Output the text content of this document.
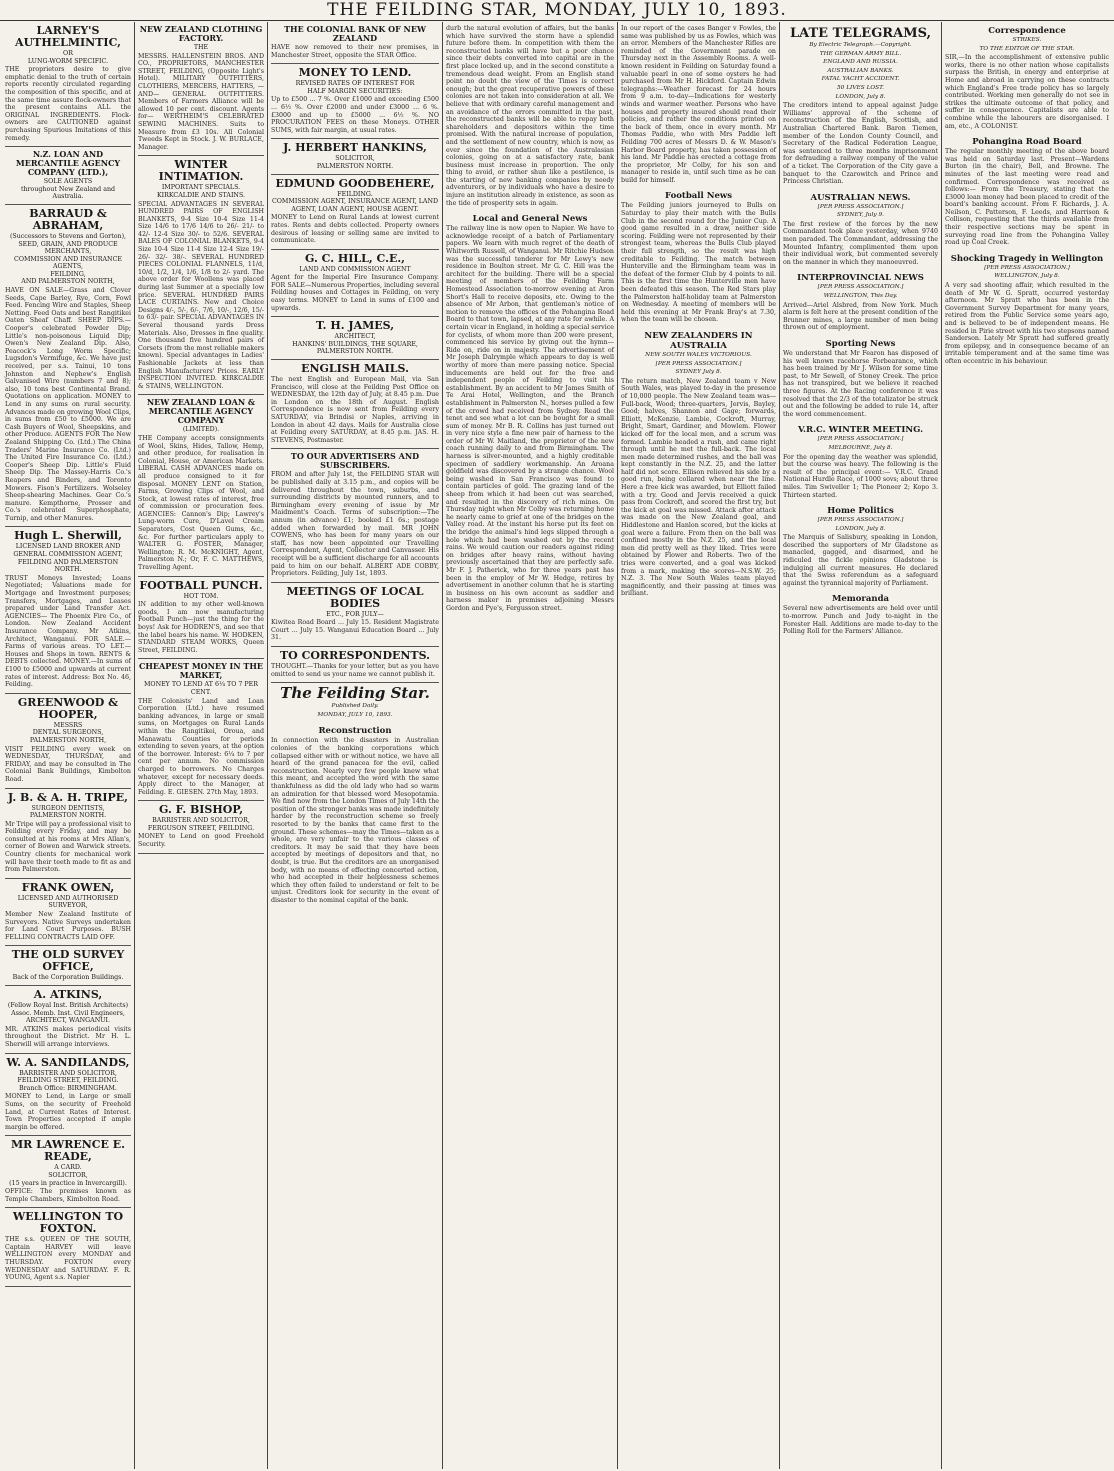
THE FEILDING STAR, MONDAY, JULY 10, 1893.
LARNEY'S AUTHELMINTIC,
OR
LUNG-WORM SPECIFIC.

THE proprietors desire to give emphatic denial to the truth of certain reports recently circulated regarding the composition of this specific, and at the same time assure flock-owners that the present contains ALL the ORIGINAL INGREDIENTS. Flock-owners are CAUTIONED against purchasing Spurious Imitations of this remedy.

N.Z. LOAN AND MERCANTILE AGENCY COMPANY (LTD.),
SOLE AGENTS
throughout New Zealand and Australia.
BARRAUD & ABRAHAM,
(Successors to Stevens and Gorton),
SEED, GRAIN, AND PRODUCE MERCHANTS,
COMMISSION AND INSURANCE AGENTS,
FEILDING,
AND PALMERSTON NORTH,

HAVE ON SALE—Grass and Clover Seeds, Cape Barley, Rye, Corn, Fowl Feed. Fencing Wire and Staples, Sheep Netting. Feed Oats and best Rangitikei Oaten Sheaf Chaff. SHEEP DIPS.—Cooper's celebrated Powder Dip; Little's non-poisonous Liquid Dip; Owen's New Zealand Dip. Also, Peacock's Long Worm Specific; Lugsdon's Vermifuge, &c. We have just received, per s.s. Tainui, 10 tons Johnston and Nephew's English Galvanised Wire (numbers 7 and 8); also, 10 tons best Continental Brand. Quotations on application. MONEY to Lend in any sums on rural security. Advances made on growing Wool Clips, in sums from £50 to £5000. We are Cash Buyers of Wool, Sheepskins, and other Produce. AGENTS FOR The New Zealand Shipping Co. (Ltd.) The China Traders' Marine Insurance Co. (Ltd.) The United Fire Insurance Co. (Ltd.) Cooper's Sheep Dip. Little's Fluid Sheep Dip. The Massey-Harris Co.'s Reapers and Binders, and Toronto Mowers. Fison's Fertilizers. Wolseley Sheep-shearing Machines. Gear Co.'s manure. Kempthorne, Prosser and Co.'s celebrated Superphosphate, Turnip, and other Manures.

Hugh L. Sherwill,
LICENSED LAND BROKER AND GENERAL COMMISSION AGENT,
FEILDING AND PALMERSTON NORTH.

TRUST Moneys Invested; Loans Negotiated; Valuations made for Mortgage and Investment purposes; Transfers, Mortgages, and Leases prepared under Land Transfer Act. AGENCIES— The Phoenix Fire Co., of London. New Zealand Accident Insurance Company. Mr Atkins, Architect, Wanganui. FOR SALE.—Farms of various areas. TO LET.—Houses and Shops in town. RENTS & DEBTS collected. MONEY.—In sums of £100 to £5000 and upwards at current rates of interest. Address: Box No. 46, Feilding.

GREENWOOD & HOOPER,
MESSRS
DENTAL SURGEONS,
PALMERSTON NORTH,

VISIT FEILDING every week on WEDNESDAY, THURSDAY, and FRIDAY, and may be consulted in The Colonial Bank Buildings, Kimbolton Road.

J. B. & A. H. TRIPE,
SURGEON DENTISTS,
PALMERSTON NORTH.

Mr Tripe will pay a professional visit to Feilding every Friday, and may be consulted at his rooms at Mrs Allan's, corner of Bowen and Warwick streets. Country clients for mechanical work will have their teeth made to fit as and from Palmerston.

FRANK OWEN,
LICENSED AND AUTHORISED SURVEYOR,

Member New Zealand Institute of Surveyors. Native Surveys undertaken for Land Court Purposes. BUSH FELLING CONTRACTS LAID OFF.

THE OLD SURVEY OFFICE,
Back of the Corporation Buildings.
A. ATKINS,
(Fellow Royal Inst. British Architects) Assoc. Memb. Inst. Civil Engineers,
ARCHITECT, WANGANUI.

MR. ATKINS makes periodical visits throughout the District. Mr H. L. Sherwill will arrange interviews.

W. A. SANDILANDS,
BARRISTER AND SOLICITOR,
FEILDING STREET, FEILDING.
Branch Office: BIRMINGHAM.

MONEY to Lend, in Large or small Sums, on the security of Freehold Land, at Current Rates of Interest. Town Properties accepted if ample margin be offered.

MR LAWRENCE E. READE,
A CARD.
SOLICITOR,
(15 years in practice in Invercargill).

OFFICE: The premises known as Temple Chambers, Kimbolton Road.

WELLINGTON TO FOXTON.

THE s.s. QUEEN OF THE SOUTH, Captain HARVEY will leave WELLINGTON every MONDAY and THURSDAY. FOXTON every WEDNESDAY and SATURDAY. F. R. YOUNG, Agent s.s. Napier

NEW ZEALAND CLOTHING FACTORY.
THE

MESSRS. HALLENSTEIN BROS. AND CO., PROPRIETORS, MANCHESTER STREET, FEILDING, (Opposite Light's Hotel). MILITARY OUTFITTERS, CLOTHIERS, MERCERS, HATTERS, —AND— GENERAL OUTFITTERS. Members of Farmers Alliance will be allowed 10 per cent. discount. Agents for— WERTHEIM'S CELEBRATED SEWING MACHINES. Suits to Measure from £3 10s. All Colonial Tweeds Kept in Stock. J. W. BURLACE, Manager.

WINTER INTIMATION.
IMPORTANT SPECIALS.
KIRKCALDIE AND STAINS.

SPECIAL ADVANTAGES IN SEVERAL HUNDRED PAIRS OF ENGLISH BLANKETS, 9-4 Size 10-4 Size 11-4 Size 14/6 to 17/6 14/6 to 26/- 21/- to 42/- 12-4 Size 30/- to 52/6. SEVERAL BALES OF COLONIAL BLANKETS, 9-4 Size 10-4 Size 11-4 Size 12-4 Size 19/- 26/- 32/- 38/-. SEVERAL HUNDRED PIECES COLONIAL FLANNELS, 11/d, 10/d, 1/2, 1/4, 1/6, 1/8 to 2/- yard. The above order for Woollens was placed during last Summer at a specially low price. SEVERAL HUNDRED PAIRS LACE CURTAINS. New and Choice Designs 4/-, 5/-, 6/-, 7/6, 10/-, 12/6, 15/- to 63/- pair. SPECIAL ADVANTAGES IN Several thousand yards Dress Materials. Also, Dresses in fine quality. One thousand five hundred pairs of Corsets (from the most reliable makers known). Special advantages in Ladies' Fashionable Jackets at less than English Manufacturers' Prices. EARLY INSPECTION INVITED. KIRKCALDIE & STAINS, WELLINGTON.

NEW ZEALAND LOAN & MERCANTILE AGENCY COMPANY
(LIMITED).

THE Company accepts consignments of Wool, Skins, Hides, Tallow, Hemp, and other produce, for realisation in Colonial, House, or American Markets. LIBERAL CASH ADVANCES made on all produce consigned to it for disposal. MONEY LENT on Station, Farms, Growing Clips of Wool, and Stock, at lowest rates of interest, free of commission or procuration fees. AGENCIES: Cannon's Dip; Lawrey's Lung-worm Cure, D'Lavel Cream Separators, Cost Queen Gums, &c., &c. For further particulars apply to WALTER G. FOSTER, Manager, Wellington; R. M. McKNIGHT, Agent, Palmerston N.; Or, F. C. MATTHEWS, Travelling Agent.

FOOTBALL PUNCH.
HOT TOM.

IN addition to my other well-known goods, I am now manufacturing Football Punch—just the thing for the boys! Ask for HODREN'S, and see that the label bears his name. W. HODKEN, STANDARD STEAM WORKS, Queen Street, FEILDING.

CHEAPEST MONEY IN THE MARKET,
MONEY TO LEND AT 6¼ TO 7 PER CENT.

THE Colonists' Land and Loan Corporation (Ltd.) have resumed banking advances, in large or small sums, on Mortgages on Rural Lands within the Rangitikei, Oroua, and Manawatu Counties for periods extending to seven years, at the option of the borrower. Interest: 6¼ to 7 per cent per annum. No commission charged to borrowers. No Charges whatever, except for necessary deeds. Apply direct to the Manager, at Feilding. E. GIESEN. 27th May, 1893.

G. F. BISHOP,
BARRISTER AND SOLICITOR,
FERGUSON STREET, FEILDING.

MONEY to Lend on good Freehold Security.

THE COLONIAL BANK OF NEW ZEALAND

HAVE now removed to their new premises, in Manchester Street, opposite the STAR Office.

MONEY TO LEND.
REVISED RATES OF INTEREST FOR
HALF MARGIN SECURITIES:

Up to £500 ... 7 %. Over £1000 and exceeding £500 ... 6½ %. Over £2000 and under £3000 ... 6 %. £3000 and up to £5000 ... 6½ %. NO PROCURATION FEES on these Moneys. OTHER SUMS, with fair margin, at usual rates.

J. HERBERT HANKINS,
SOLICITOR,
PALMERSTON NORTH.
EDMUND GOODBEHERE,
FEILDING.
COMMISSION AGENT, INSURANCE AGENT, LAND AGENT, LOAN AGENT, HOUSE AGENT.

MONEY to Lend on Rural Lands at lowest current rates. Rents and debts collected. Property owners desirous of leasing or selling same are invited to communicate.

G. C. HILL, C.E.,
LAND AND COMMISSION AGENT

Agent for the Imperial Fire Insurance Company. FOR SALE—Numerous Properties, including several Feilding houses and Cottages in Feilding, on very easy terms. MONEY to Lend in sums of £100 and upwards.

T. H. JAMES,
ARCHITECT,
HANKINS' BUILDINGS, THE SQUARE,
PALMERSTON NORTH.
ENGLISH MAILS.

The next English and European Mail, via San Francisco, will close at the Feilding Post Office on WEDNESDAY, the 12th day of July, at 8.45 p.m. Due in London on the 18th of August. English Correspondence is now sent from Feilding every SATURDAY, via Brindisi or Naples, arriving in London in about 42 days. Mails for Australia close at Feilding every SATURDAY, at 8.45 p.m. JAS. H. STEVENS, Postmaster.

TO OUR ADVERTISERS AND SUBSCRIBERS.

FROM and after July 1st, the FEILDING STAR will be published daily at 3.15 p.m., and copies will be delivered throughout the town, suburbs, and surrounding districts by mounted runners, and to Birmingham every evening of issue by Mr Maidment's Coach. Terms of subscription:—The annum (in advance) £1; booked £1 6s.; postage added when forwarded by mail. MR JOHN COWENS, who has been for many years on our staff, has now been appointed our Travelling Correspondent, Agent, Collector and Canvasser. His receipt will be a sufficient discharge for all accounts paid to him on our behalf. ALBERT ADE COBBY, Proprietors. Feilding, July 1st, 1893.

MEETINGS OF LOCAL BODIES
ETC., FOR JULY—

Kiwitea Road Board ... July 15. Resident Magistrate Court ... July 15. Wanganui Education Board ... July 31.

TO CORRESPONDENTS.

THOUGHT.—Thanks for your letter, but as you have omitted to send us your name we cannot publish it.

The Feilding Star.
Published Daily.
MONDAY, JULY 10, 1893.
Reconstruction

In connection with the disasters in Australian colonies of the banking corporations which collapsed either with or without notice, we have all heard of the grand panacea for the evil, called reconstruction. Nearly very few people knew what this meant, and accepted the word with the same thankfulness as did the old lady who had so warm an admiration for that blessed word Mesopotamia. We find now from the London Times of July 14th the position of the stronger banks was made indefinitely harder by the reconstruction scheme so freely resorted to by the banks that came first to the ground. These schemes—may the Times—taken as a whole, are very unfair to the various classes of creditors. It may be said that they have been accepted by meetings of depositors and that, no doubt, is true. But the creditors are an unorganised body, with no means of effecting concerted action, who had accepted in their helplessness schemes which they often failed to understand or felt to be unjust. Creditors look for security in the event of disaster to the nominal capital of the bank.

durb the natural evolution of affairs, but the banks which have survived the storm have a splendid future before them. In competition with them the reconstructed banks will have but a poor chance since their debts converted into capital are in the first place locked up, and in the second constitute a tremendous dead weight. From an English stand point no doubt the view of the Times is correct enough; but the great recuperative powers of these colonies are not taken into consideration at all. We believe that with ordinary careful management and an avoidance of the errors committed in the past, the reconstructed banks will be able to repay both shareholders and depositors within the time promised. With the natural increase of population, and the settlement of new country, which is now, as ever since the foundation of the Australasian colonies, going on at a satisfactory rate, bank business must increase in proportion. The only thing to avoid, or rather shun like a pestilence, is the starting of new banking companies by needy adventurers, or by individuals who have a desire to injure an institution already in existence, as soon as the tide of prosperity sets in again.

Local and General News

The railway line is now open to Napier. We have to acknowledge receipt of a batch of Parliamentary papers. We learn with much regret of the death of Whitworth Russell, of Wanganui. Mr Ritchie Hudson was the successful tenderer for Mr Lewy's new residence in Boulton street. Mr G. C. Hill was the architect for the building. There will be a special meeting of members of the Feilding Farm Homestead Association to-morrow evening at Aron Short's Hall to receive deposits, etc. Owing to the absence of Mr Arbon, that gentleman's notice of motion to remove the offices of the Pohangina Road Board to that town, lapsed, at any rate for awhile. A certain vicar in England, in holding a special service for cyclists, of whom more than 200 were present, commenced his service by giving out the hymn—Ride on, ride on in majesty. The advertisement of Mr Joseph Dalrymple which appears to day is well worthy of more than mere passing notice. Special inducements are held out for the free and independent people of Feilding to visit his establishment. By an accident to Mr James Smith of Te Arai Hotel, Wellington, and the Branch establishment in Palmerston N., horses pulled a few of the crowd had received from Sydney. Read the tenet and see what a lot can be bought for a small sum of money. Mr B. R. Collins has just turned out in very nice style a fine new pair of harness to the order of Mr W. Maitland, the proprietor of the new coach running daily to and from Birmingham. The harness is silver-mounted, and a highly creditable specimen of saddlery workmanship. An Aroana goldfield was discovered by a strange chance. Wool being washed in San Francisco was found to contain particles of gold. The grazing land of the sheep from which it had been cut was searched, and resulted in the discovery of rich mines. On Thursday night when Mr Colby was returning home he nearly came to grief at one of the bridges on the Valley road. At the instant his horse put its feet on the bridge the animal's hind legs slipped through a hole which had been washed out by the recent rains. We would caution our readers against riding on bridges after heavy rains, without having previously ascertained that they are perfectly safe. Mr F. J. Patherick, who for three years past has been in the employ of Mr W. Hedge, retires by advertisement in another column that he is starting in business on his own account as saddler and harness maker in premises adjoining Messrs Gordon and Pye's, Fergusson street.

In our report of the cases Banger v Fowles, the same was published by us as Fowles, which was an error. Members of the Manchester Rifles are reminded of the Government parade on Thursday next in the Assembly Rooms. A well-known resident in Feilding on Saturday found a valuable pearl in one of some oysters he had purchased from Mr H. Hickford. Captain Edwin telegraphs:—Weather forecast for 24 hours from 9 a.m. to-day—Indications for westerly winds and warmer weather. Persons who have houses and property insured should read their policies, and rather the conditions printed on the back of them, once in every month. Mr Thomas Paddie, who with Mrs Paddie left Feilding 700 acres of Messrs D. & W. Mason's Harbor Board property, has taken possession of his land. Mr Paddie has erected a cottage from the proprietor, Mr Colby, for his son and manager to reside in, until such time as he can build for himself.

Football News

The Feilding juniors journeyed to Bulls on Saturday to play their match with the Bulls Club in the second round for the Junior Cup. A good game resulted in a draw, neither side scoring. Feilding were not represented by their strongest team, whereas the Bulls Club played their full strength, so the result was high creditable to Feilding. The match between Hunterville and the Birmingham team was in the defeat of the former Club by 4 points to nil. This is the first time the Hunterville men have been defeated this season. The Red Stars play the Palmerston half-holiday team at Palmerston on Wednesday. A meeting of members will be held this evening at Mr Frank Bray's at 7.30, when the team will be chosen.

NEW ZEALANDERS IN AUSTRALIA
NEW SOUTH WALES VICTORIOUS.
[PER PRESS ASSOCIATION.]
SYDNEY July 8.

The return match, New Zealand team v New South Wales, was played to-day in the presence of 10,000 people. The New Zealand team was—Full-back, Wood; three-quarters, Jervis, Bayley, Good; halves, Shannon and Gage; forwards, Elliott, McKenzie, Lambie, Cockroft, Murray, Bright, Smart, Gardiner, and Mowlem. Flower kicked off for the local men, and a scrum was formed. Lambie headed a rush, and came right through until he met the full-back. The local men made determined rushes, and the ball was kept constantly in the N.Z. 25, and the latter half did not score. Ellison relieved his side by a good run, being collared when near the line. Here a free kick was awarded, but Elliott failed with a try. Good and Jervis received a quick pass from Cockroft, and scored the first try, but the kick at goal was missed. Attack after attack was made on the New Zealand goal, and Hiddlestone and Hanlon scored, but the kicks at goal were a failure. From then on the ball was confined mostly in the N.Z. 25, and the local men did pretty well as they liked. Tries were obtained by Flower and Roberts. Two of the tries were converted, and a goal was kicked from a mark, making the scores—N.S.W. 25; N.Z. 3. The New South Wales team played magnificently, and their passing at times was brilliant.

LATE TELEGRAMS,
By Electric Telegraph.—Copyright.
THE GERMAN ARMY BILL.
ENGLAND AND RUSSIA.
AUSTRALIAN BANKS.
FATAL YACHT ACCIDENT.
50 LIVES LOST.
LONDON, July 8.

The creditors intend to appeal against Judge Williams' approval of the scheme of reconstruction of the English, Scottish, and Australian Chartered Bank. Baron Tiemen, member of the London County Council, and Secretary of the Radical Federation League, was sentenced to three months imprisonment for defrauding a railway company of the value of a ticket. The Corporation of the City gave a banquet to the Czarowitch and Prince and Princess Christian.

AUSTRALIAN NEWS.
[PER PRESS ASSOCIATION.]
SYDNEY, July 9.

The first review of the forces by the new Commandant took place yesterday, when 9740 men paraded. The Commandant, addressing the Mounted Infantry, complimented them upon their individual work, but commented severely on the manner in which they manoeuvred.

INTERPROVINCIAL NEWS
[PER PRESS ASSOCIATION.]
WELLINGTON, This Day.

Arrived—Ariel Alsbred, from New York. Much alarm is felt here at the present condition of the Brunner mines, a large number of men being thrown out of employment.

Sporting News

We understand that Mr Fearon has disposed of his well known racehorse Forbearance, which has been trained by Mr J. Wilson for some time past, to Mr Sewell, of Stoney Creek. The price has not transpired, but we believe it reached three figures. At the Racing conference it was resolved that the 2/3 of the totalizator be struck out and the following be added to rule 14, after the word commencement.

V.R.C. WINTER MEETING.
[PER PRESS ASSOCIATION.]
MELBOURNE, July 8.

For the opening day the weather was splendid, but the course was heavy. The following is the result of the principal event:— V.R.C. Grand National Hurdle Race, of 1000 sovs; about three miles. Tim Swiveller 1; The Pioneer 2; Kopo 3. Thirteen started.

Home Politics
[PER PRESS ASSOCIATION.]
LONDON, July 8.

The Marquis of Salisbury, speaking in London, described the supporters of Mr Gladstone as manacled, gagged, and disarmed, and he ridiculed the fickle opinions Gladstone is indulging all current measures. He declared that the Swiss referendum as a safeguard against the tyrannical majority of Parliament.

Memoranda

Several new advertisements are held over until to-morrow. Punch and Judy to-night in the Forester Hall. Additions are made to-day to the Polling Roll for the Farmers' Alliance.

Correspondence
STRIKES.
TO THE EDITOR OF THE STAR.

SIR,—In the accomplishment of extensive public works, there is no other nation whose capitalists surpass the British, in energy and enterprise at Home and abroad in carrying on these contracts which England's Free trade policy has so largely contributed. Working men generally do not see in strikes the ultimate outcome of that policy, and suffer in consequence. Capitalists are able to combine while the labourers are disorganised. I am, etc., A COLONIST.

Pohangina Road Board

The regular monthly meeting of the above board was held on Saturday last. Present—Wardens Burton (in the chair), Bell, and Browne. The minutes of the last meeting were read and confirmed. Correspondence was received as follows:— From the Treasury, stating that the £3000 loan money had been placed to credit of the board's banking account. From F. Richards, J. A. Neilson, C. Patterson, F. Leeds, and Harrison & Collison, requesting that the thirds available from their respective sections may be spent in surveying road line from the Pohangina Valley road up Coal Creek.

Shocking Tragedy in Wellington
[PER PRESS ASSOCIATION.]
WELLINGTON, July 8.

A very sad shooting affair, which resulted in the death of Mr W. G. Spratt, occurred yesterday afternoon. Mr Spratt who has been in the Government Survey Department for many years, retired from the Public Service some years ago, and is believed to be of independent means. He resided in Pirie street with his two stepsons named Sanderson. Lately Mr Spratt had suffered greatly from epilepsy, and in consequence became of an irritable temperament and at the same time was often eccentric in his behaviour.
